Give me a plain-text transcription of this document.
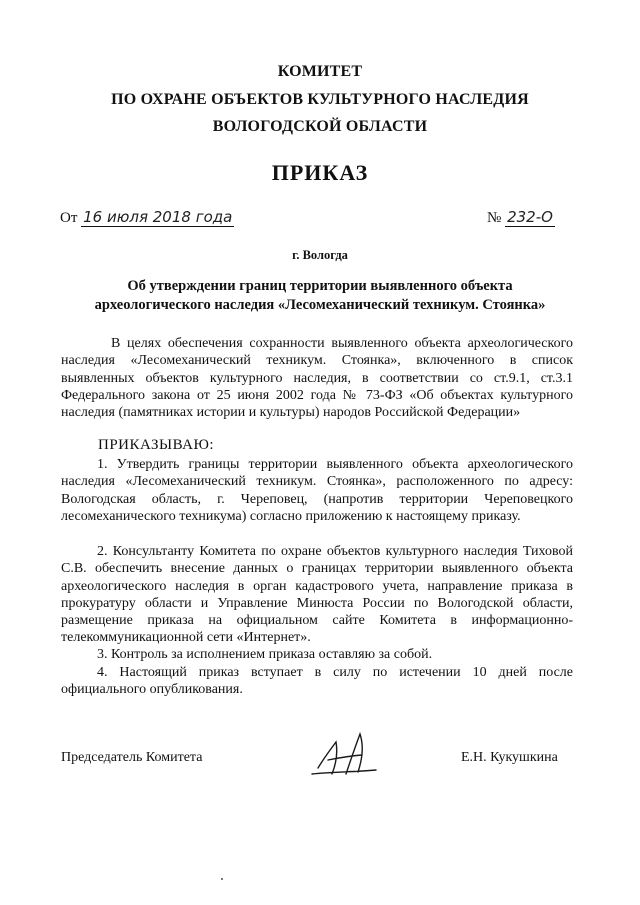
КОМИТЕТ
ПО ОХРАНЕ ОБЪЕКТОВ КУЛЬТУРНОГО НАСЛЕДИЯ
ВОЛОГОДСКОЙ ОБЛАСТИ
ПРИКАЗ
От 16 июля 2018 года	№ 232-О
г. Вологда
Об утверждении границ территории выявленного объекта
археологического наследия «Лесомеханический техникум. Стоянка»
В целях обеспечения сохранности выявленного объекта археологического наследия «Лесомеханический техникум. Стоянка», включенного в список выявленных объектов культурного наследия, в соответствии со ст.9.1, ст.3.1 Федерального закона от 25 июня 2002 года № 73-ФЗ «Об объектах культурного наследия (памятниках истории и культуры) народов Российской Федерации»
ПРИКАЗЫВАЮ:
1. Утвердить границы территории выявленного объекта археологического наследия «Лесомеханический техникум. Стоянка», расположенного по адресу: Вологодская область, г. Череповец, (напротив территории Череповецкого лесомеханического техникума) согласно приложению к настоящему приказу.
2. Консультанту Комитета по охране объектов культурного наследия Тиховой С.В. обеспечить внесение данных о границах территории выявленного объекта археологического наследия в орган кадастрового учета, направление приказа в прокуратуру области и Управление Минюста России по Вологодской области, размещение приказа на официальном сайте Комитета в информационно-телекоммуникационной сети «Интернет».
3. Контроль за исполнением приказа оставляю за собой.
4. Настоящий приказ вступает в силу по истечении 10 дней после официального опубликования.
Председатель Комитета	Е.Н. Кукушкина
